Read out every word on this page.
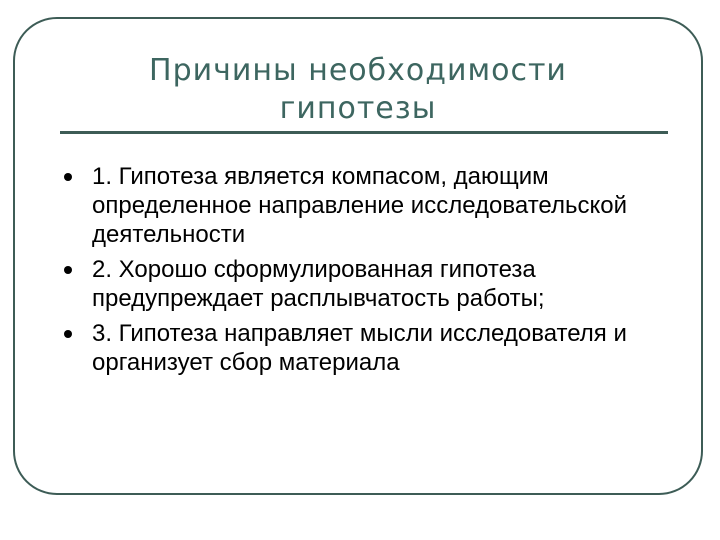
Причины необходимости
гипотезы
1. Гипотеза является компасом, дающим определенное направление исследовательской деятельности
2. Хорошо сформулированная гипотеза предупреждает расплывчатость работы;
3. Гипотеза направляет мысли исследователя и организует сбор материала
